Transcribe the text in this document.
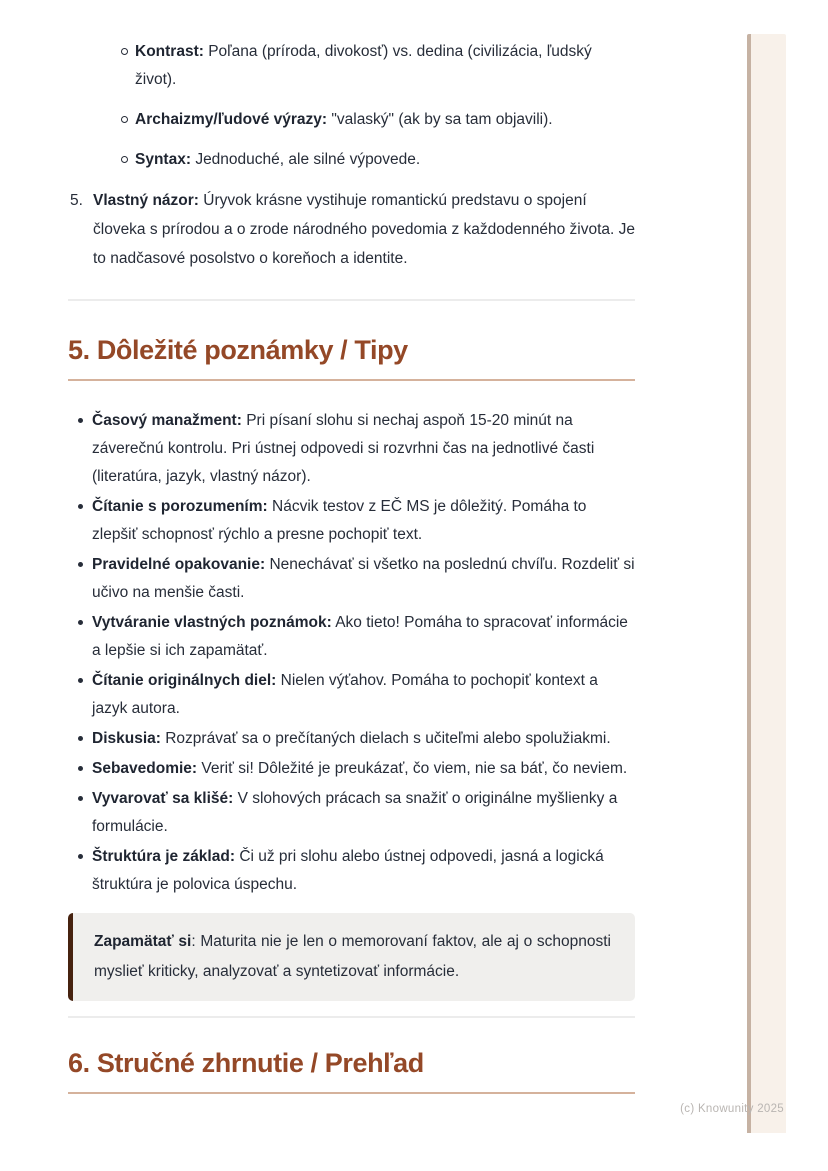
Kontrast: Poľana (príroda, divokosť) vs. dedina (civilizácia, ľudský život).
Archaizmy/ľudové výrazy: "valaský" (ak by sa tam objavili).
Syntax: Jednoduché, ale silné výpovede.
5. Vlastný názor: Úryvok krásne vystihuje romantickú predstavu o spojení človeka s prírodou a o zrode národného povedomia z každodenného života. Je to nadčasové posolstvo o koreňoch a identite.
5. Dôležité poznámky / Tipy
Časový manažment: Pri písaní slohu si nechaj aspoň 15-20 minút na záverečnú kontrolu. Pri ústnej odpovedi si rozvrhni čas na jednotlivé časti (literatúra, jazyk, vlastný názor).
Čítanie s porozumením: Nácvik testov z EČ MS je dôležitý. Pomáha to zlepšiť schopnosť rýchlo a presne pochopiť text.
Pravidelné opakovanie: Nenechávať si všetko na poslednú chvíľu. Rozdeliť si učivo na menšie časti.
Vytváranie vlastných poznámok: Ako tieto! Pomáha to spracovať informácie a lepšie si ich zapamätať.
Čítanie originálnych diel: Nielen výťahov. Pomáha to pochopiť kontext a jazyk autora.
Diskusia: Rozprávať sa o prečítaných dielach s učiteľmi alebo spolužiakmi.
Sebavedomie: Veriť si! Dôležité je preukázať, čo viem, nie sa báť, čo neviem.
Vyvarovať sa klišé: V slohových prácach sa snažiť o originálne myšlienky a formulácie.
Štruktúra je základ: Či už pri slohu alebo ústnej odpovedi, jasná a logická štruktúra je polovica úspechu.
Zapamätať si: Maturita nie je len o memorovaní faktov, ale aj o schopnosti myslieť kriticky, analyzovať a syntetizovať informácie.
6. Stručné zhrnutie / Prehľad
(c) Knowunity 2025
